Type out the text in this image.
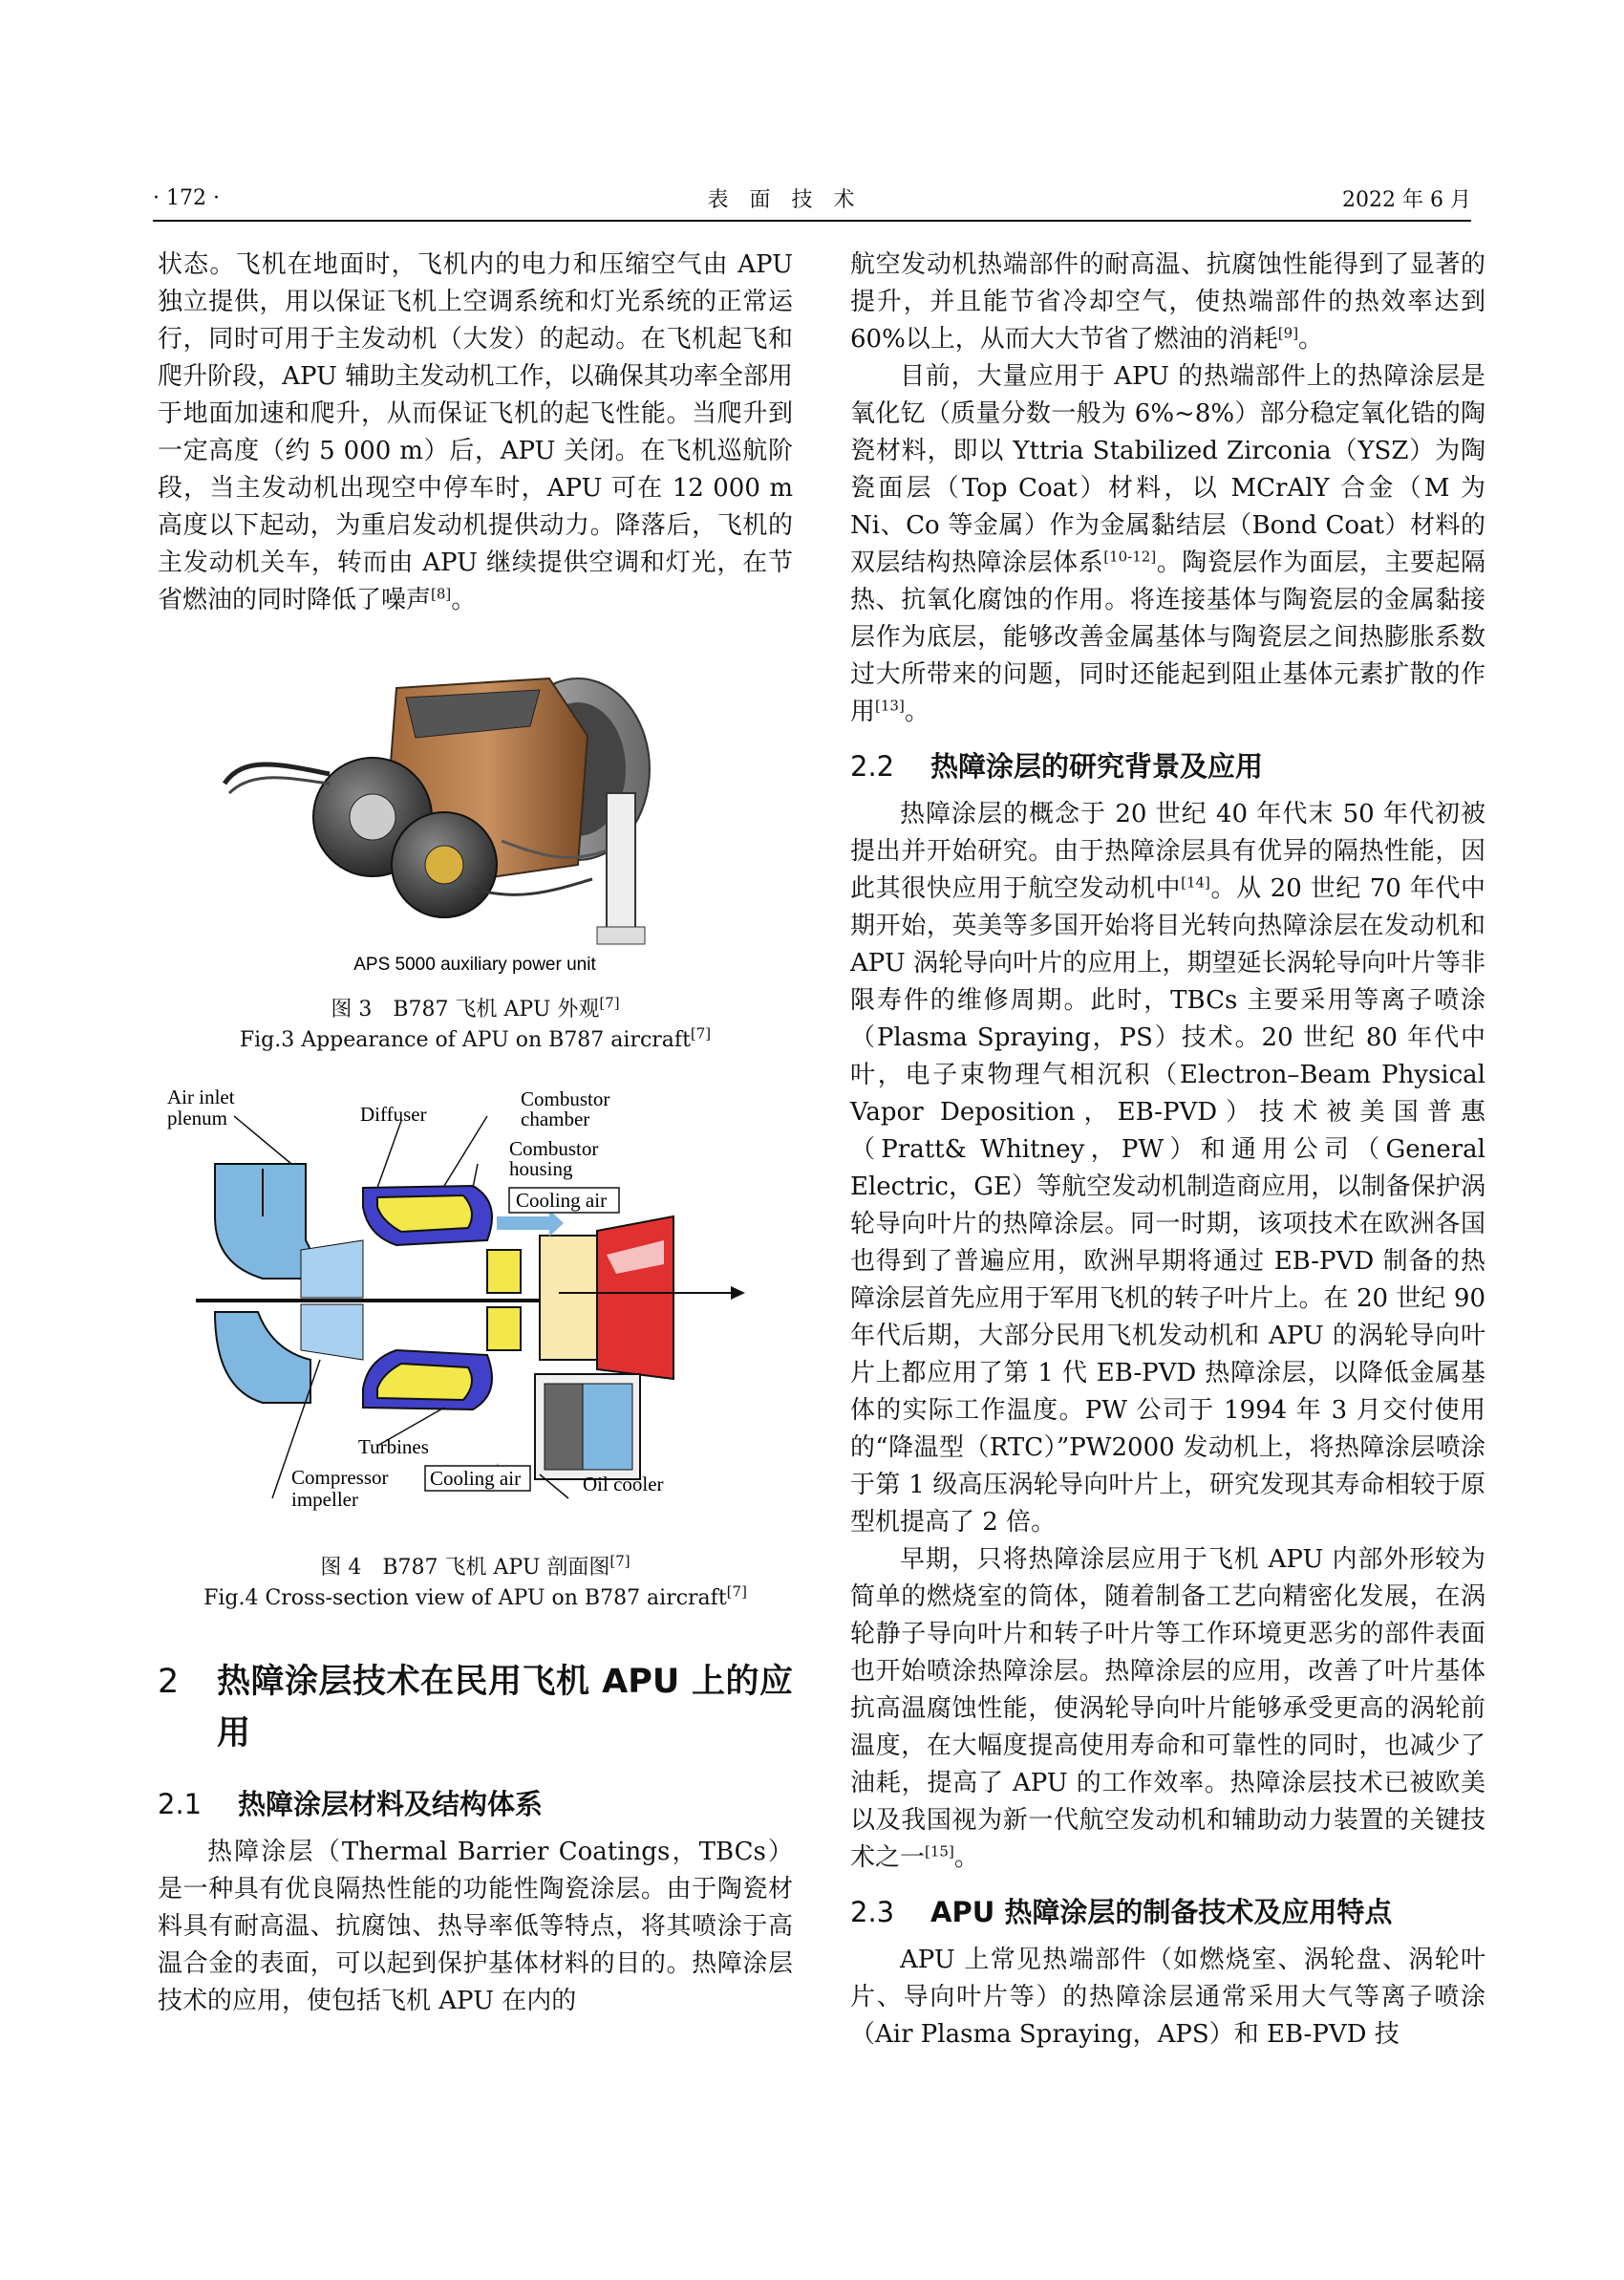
· 172 ·	表　面　技　术	2022 年 6 月

状态。飞机在地面时，飞机内的电力和压缩空气由 APU 独立提供，用以保证飞机上空调系统和灯光系统的正常运行，同时可用于主发动机（大发）的起动。在飞机起飞和爬升阶段，APU 辅助主发动机工作，以确保其功率全部用于地面加速和爬升，从而保证飞机的起飞性能。当爬升到一定高度（约 5 000 m）后，APU 关闭。在飞机巡航阶段，当主发动机出现空中停车时，APU 可在 12 000 m 高度以下起动，为重启发动机提供动力。降落后，飞机的主发动机关车，转而由 APU 继续提供空调和灯光，在节省燃油的同时降低了噪声[8]。

APS 5000 auxiliary power unit
图 3　B787 飞机 APU 外观[7]
Fig.3 Appearance of APU on B787 aircraft[7]
Air inlet
plenum	Diffuser
Combustor
chamber
Combustor
housing
Cooling air
Turbines
Compressor
impeller
Cooling air	Oil cooler
图 4　B787 飞机 APU 剖面图[7]
Fig.4 Cross-section view of APU on B787 aircraft[7]
2	热障涂层技术在民用飞机 APU 上的应用
2.1	热障涂层材料及结构体系

热障涂层（Thermal Barrier Coatings，TBCs）是一种具有优良隔热性能的功能性陶瓷涂层。由于陶瓷材料具有耐高温、抗腐蚀、热导率低等特点，将其喷涂于高温合金的表面，可以起到保护基体材料的目的。热障涂层技术的应用，使包括飞机 APU 在内的

航空发动机热端部件的耐高温、抗腐蚀性能得到了显著的提升，并且能节省冷却空气，使热端部件的热效率达到 60%以上，从而大大节省了燃油的消耗[9]。

目前，大量应用于 APU 的热端部件上的热障涂层是氧化钇（质量分数一般为 6%~8%）部分稳定氧化锆的陶瓷材料，即以 Yttria Stabilized Zirconia（YSZ）为陶瓷面层（Top Coat）材料，以 MCrAlY 合金（M 为 Ni、Co 等金属）作为金属黏结层（Bond Coat）材料的双层结构热障涂层体系[10-12]。陶瓷层作为面层，主要起隔热、抗氧化腐蚀的作用。将连接基体与陶瓷层的金属黏接层作为底层，能够改善金属基体与陶瓷层之间热膨胀系数过大所带来的问题，同时还能起到阻止基体元素扩散的作用[13]。

2.2	热障涂层的研究背景及应用

热障涂层的概念于 20 世纪 40 年代末 50 年代初被提出并开始研究。由于热障涂层具有优异的隔热性能，因此其很快应用于航空发动机中[14]。从 20 世纪 70 年代中期开始，英美等多国开始将目光转向热障涂层在发动机和 APU 涡轮导向叶片的应用上，期望延长涡轮导向叶片等非限寿件的维修周期。此时，TBCs 主要采用等离子喷涂（Plasma Spraying，PS）技术。20 世纪 80 年代中叶，电子束物理气相沉积（Electron–Beam Physical Vapor Deposition，EB-PVD）技术被美国普惠（Pratt& Whitney，PW）和通用公司（General Electric，GE）等航空发动机制造商应用，以制备保护涡轮导向叶片的热障涂层。同一时期，该项技术在欧洲各国也得到了普遍应用，欧洲早期将通过 EB-PVD 制备的热障涂层首先应用于军用飞机的转子叶片上。在 20 世纪 90 年代后期，大部分民用飞机发动机和 APU 的涡轮导向叶片上都应用了第 1 代 EB-PVD 热障涂层，以降低金属基体的实际工作温度。PW 公司于 1994 年 3 月交付使用的“降温型（RTC）”PW2000 发动机上，将热障涂层喷涂于第 1 级高压涡轮导向叶片上，研究发现其寿命相较于原型机提高了 2 倍。

早期，只将热障涂层应用于飞机 APU 内部外形较为简单的燃烧室的筒体，随着制备工艺向精密化发展，在涡轮静子导向叶片和转子叶片等工作环境更恶劣的部件表面也开始喷涂热障涂层。热障涂层的应用，改善了叶片基体抗高温腐蚀性能，使涡轮导向叶片能够承受更高的涡轮前温度，在大幅度提高使用寿命和可靠性的同时，也减少了油耗，提高了 APU 的工作效率。热障涂层技术已被欧美以及我国视为新一代航空发动机和辅助动力装置的关键技术之一[15]。

2.3	APU 热障涂层的制备技术及应用特点

APU 上常见热端部件（如燃烧室、涡轮盘、涡轮叶片、导向叶片等）的热障涂层通常采用大气等离子喷涂（Air Plasma Spraying，APS）和 EB-PVD 技
